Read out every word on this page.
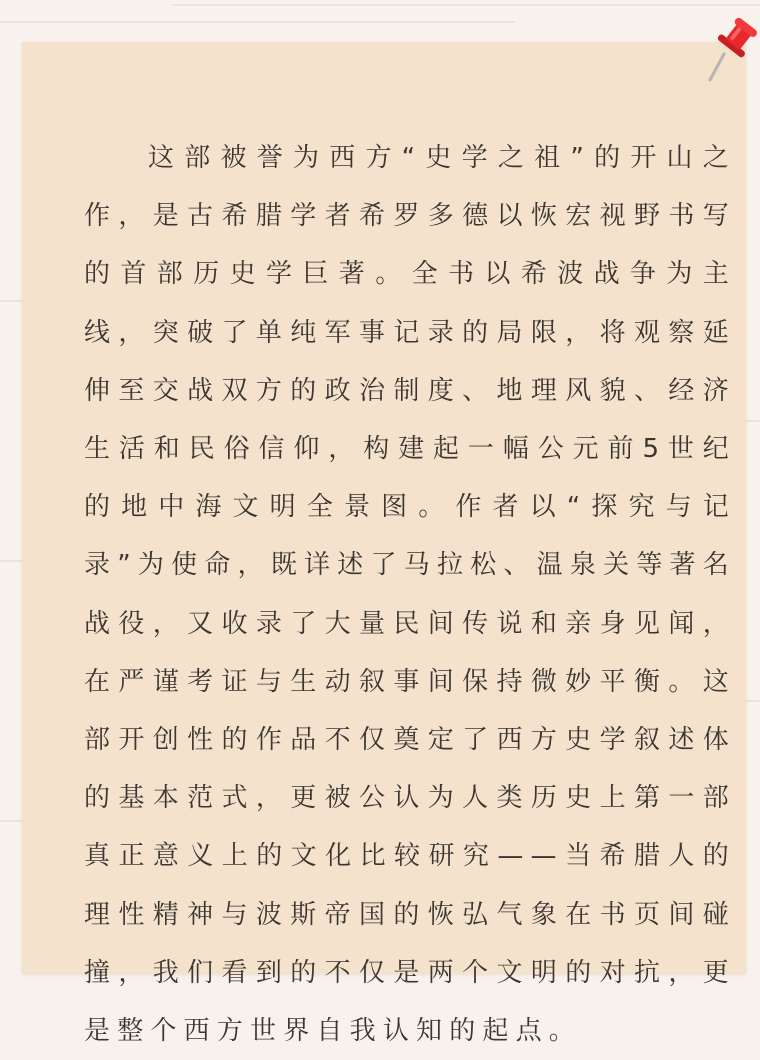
这部被誉为西方“史学之祖”的开山之作，是古希腊学者希罗多德以恢宏视野书写的首部历史学巨著。全书以希波战争为主线，突破了单纯军事记录的局限，将观察延伸至交战双方的政治制度、地理风貌、经济生活和民俗信仰，构建起一幅公元前5世纪的地中海文明全景图。作者以“探究与记录”为使命，既详述了马拉松、温泉关等著名战役，又收录了大量民间传说和亲身见闻，在严谨考证与生动叙事间保持微妙平衡。这部开创性的作品不仅奠定了西方史学叙述体的基本范式，更被公认为人类历史上第一部真正意义上的文化比较研究——当希腊人的理性精神与波斯帝国的恢弘气象在书页间碰撞，我们看到的不仅是两个文明的对抗，更是整个西方世界自我认知的起点。
